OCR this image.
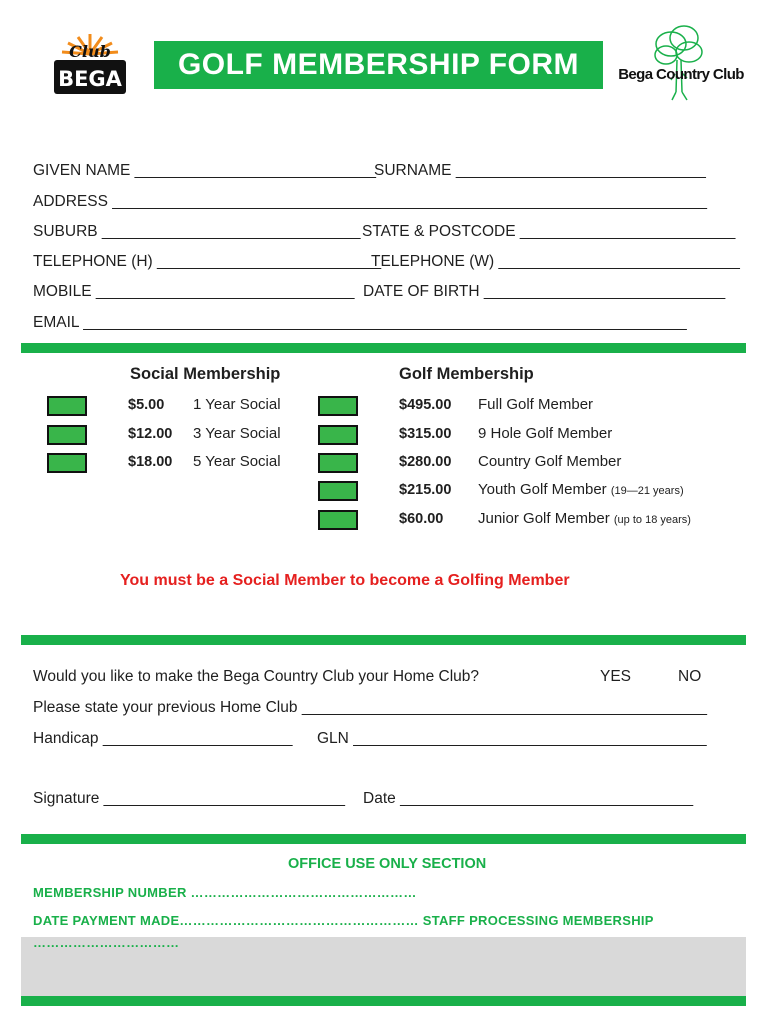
Club
BEGA	GOLF MEMBERSHIP FORM	Bega Country Club
GIVEN NAME ____________________________
SURNAME _____________________________
ADDRESS _____________________________________________________________________
SUBURB ______________________________ STATE & POSTCODE _________________________
TELEPHONE (H) __________________________
TELEPHONE (W) ____________________________
MOBILE ______________________________ DATE OF BIRTH ____________________________
EMAIL ______________________________________________________________________
Social Membership	Golf Membership
$5.00 1 Year Social
$12.00 3 Year Social
$18.00 5 Year Social
$495.00 Full Golf Member
$315.00 9 Hole Golf Member
$280.00 Country Golf Member
$215.00 Youth Golf Member (19—21 years)
$60.00 Junior Golf Member (up to 18 years)
You must be a Social Member to become a Golfing Member
Would you like to make the Bega Country Club your Home Club?	YES	NO
Please state your previous Home Club _______________________________________________
Handicap ______________________ GLN _________________________________________
Signature ____________________________ Date __________________________________
OFFICE USE ONLY SECTION
MEMBERSHIP NUMBER ……………………………………………
DATE PAYMENT MADE……………………………………………… STAFF PROCESSING MEMBERSHIP
……………………………
